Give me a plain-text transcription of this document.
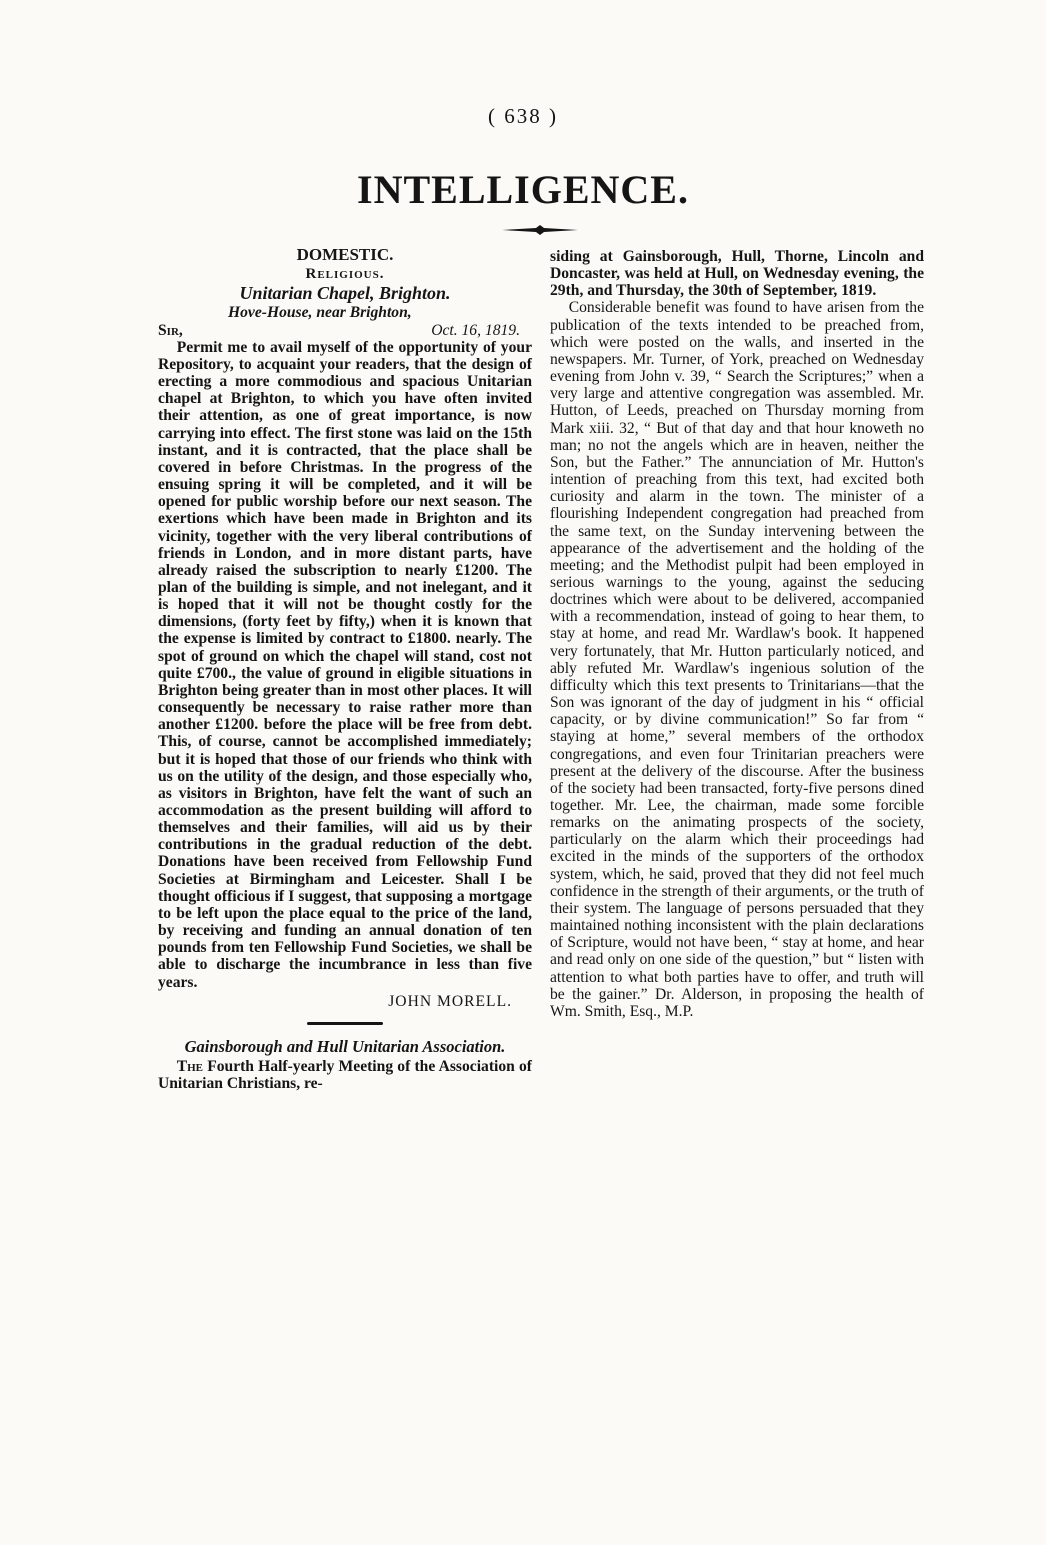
( 638 )
INTELLIGENCE.
DOMESTIC.
Religious.
Unitarian Chapel, Brighton.
Hove-House, near Brighton,
Sir,	Oct. 16, 1819.

Permit me to avail myself of the opportunity of your Repository, to acquaint your readers, that the design of erecting a more commodious and spacious Unitarian chapel at Brighton, to which you have often invited their attention, as one of great importance, is now carrying into effect. The first stone was laid on the 15th instant, and it is contracted, that the place shall be covered in before Christmas. In the progress of the ensuing spring it will be completed, and it will be opened for public worship before our next season. The exertions which have been made in Brighton and its vicinity, together with the very liberal contributions of friends in London, and in more distant parts, have already raised the subscription to nearly £1200. The plan of the building is simple, and not inelegant, and it is hoped that it will not be thought costly for the dimensions, (forty feet by fifty,) when it is known that the expense is limited by contract to £1800. nearly. The spot of ground on which the chapel will stand, cost not quite £700., the value of ground in eligible situations in Brighton being greater than in most other places. It will consequently be necessary to raise rather more than another £1200. before the place will be free from debt. This, of course, cannot be accomplished immediately; but it is hoped that those of our friends who think with us on the utility of the design, and those especially who, as visitors in Brighton, have felt the want of such an accommodation as the present building will afford to themselves and their families, will aid us by their contributions in the gradual reduction of the debt. Donations have been received from Fellowship Fund Societies at Birmingham and Leicester. Shall I be thought officious if I suggest, that supposing a mortgage to be left upon the place equal to the price of the land, by receiving and funding an annual donation of ten pounds from ten Fellowship Fund Societies, we shall be able to discharge the incumbrance in less than five years.

JOHN MORELL.
Gainsborough and Hull Unitarian Association.

The Fourth Half-yearly Meeting of the Association of Unitarian Christians, re-

siding at Gainsborough, Hull, Thorne, Lincoln and Doncaster, was held at Hull, on Wednesday evening, the 29th, and Thursday, the 30th of September, 1819.

Considerable benefit was found to have arisen from the publication of the texts intended to be preached from, which were posted on the walls, and inserted in the newspapers. Mr. Turner, of York, preached on Wednesday evening from John v. 39, “ Search the Scriptures;” when a very large and attentive congregation was assembled. Mr. Hutton, of Leeds, preached on Thursday morning from Mark xiii. 32, “ But of that day and that hour knoweth no man; no not the angels which are in heaven, neither the Son, but the Father.” The annunciation of Mr. Hutton's intention of preaching from this text, had excited both curiosity and alarm in the town. The minister of a flourishing Independent congregation had preached from the same text, on the Sunday intervening between the appearance of the advertisement and the holding of the meeting; and the Methodist pulpit had been employed in serious warnings to the young, against the seducing doctrines which were about to be delivered, accompanied with a recommendation, instead of going to hear them, to stay at home, and read Mr. Wardlaw's book. It happened very fortunately, that Mr. Hutton particularly noticed, and ably refuted Mr. Wardlaw's ingenious solution of the difficulty which this text presents to Trinitarians—that the Son was ignorant of the day of judgment in his “ official capacity, or by divine communication!” So far from “ staying at home,” several members of the orthodox congregations, and even four Trinitarian preachers were present at the delivery of the discourse. After the business of the society had been transacted, forty-five persons dined together. Mr. Lee, the chairman, made some forcible remarks on the animating prospects of the society, particularly on the alarm which their proceedings had excited in the minds of the supporters of the orthodox system, which, he said, proved that they did not feel much confidence in the strength of their arguments, or the truth of their system. The language of persons persuaded that they maintained nothing inconsistent with the plain declarations of Scripture, would not have been, “ stay at home, and hear and read only on one side of the question,” but “ listen with attention to what both parties have to offer, and truth will be the gainer.” Dr. Alderson, in proposing the health of Wm. Smith, Esq., M.P.
